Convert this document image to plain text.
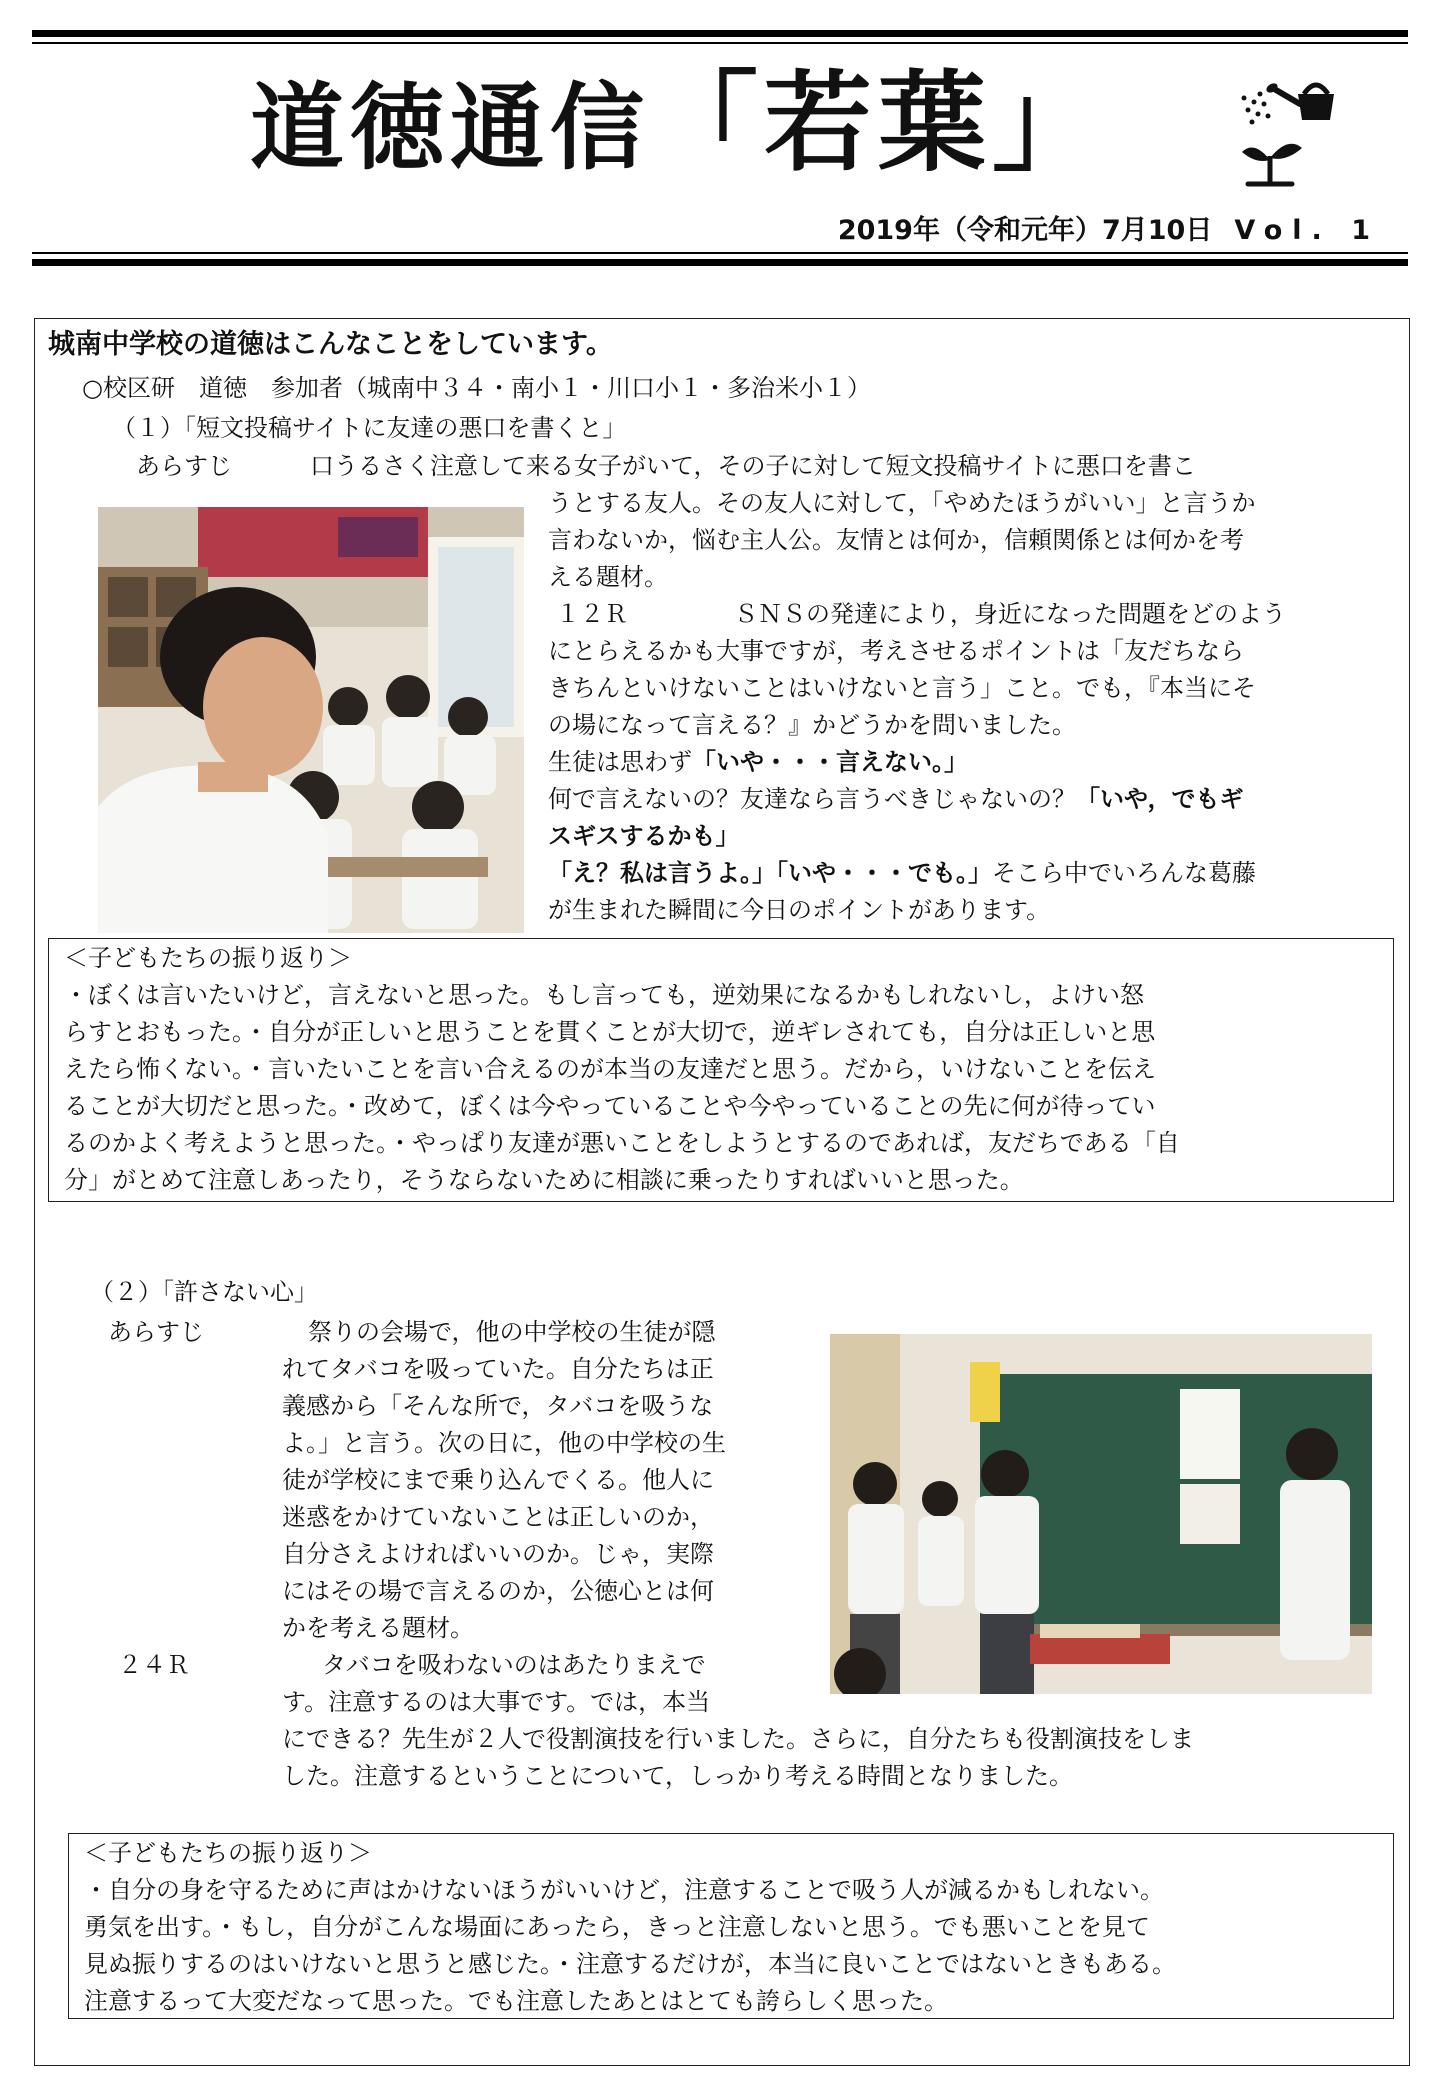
道徳通信「若葉」
2019年（令和元年）7月10日 Vol. 1
城南中学校の道徳はこんなことをしています。
○校区研　道徳　参加者（城南中３４・南小１・川口小１・多治米小１）
（１）「短文投稿サイトに友達の悪口を書くと」
あらすじ	口うるさく注意して来る女子がいて，その子に対して短文投稿サイトに悪口を書こ
うとする友人。その友人に対して，「やめたほうがいい」と言うか
言わないか，悩む主人公。友情とは何か，信頼関係とは何かを考
える題材。
１２Ｒ	ＳＮＳの発達により，身近になった問題をどのよう
にとらえるかも大事ですが，考えさせるポイントは「友だちなら
きちんといけないことはいけないと言う」こと。でも，『本当にそ
の場になって言える？』かどうかを問いました。
生徒は思わず「いや・・・言えない。」
何で言えないの？友達なら言うべきじゃないの？「いや，でもギ
スギスするかも」
「え？私は言うよ。」「いや・・・でも。」そこら中でいろんな葛藤
が生まれた瞬間に今日のポイントがあります。
＜子どもたちの振り返り＞
・ぼくは言いたいけど，言えないと思った。もし言っても，逆効果になるかもしれないし，よけい怒
らすとおもった。・自分が正しいと思うことを貫くことが大切で，逆ギレされても，自分は正しいと思
えたら怖くない。・言いたいことを言い合えるのが本当の友達だと思う。だから，いけないことを伝え
ることが大切だと思った。・改めて，ぼくは今やっていることや今やっていることの先に何が待ってい
るのかよく考えようと思った。・やっぱり友達が悪いことをしようとするのであれば，友だちである「自
分」がとめて注意しあったり，そうならないために相談に乗ったりすればいいと思った。
（２）「許さない心」
あらすじ	祭りの会場で，他の中学校の生徒が隠
れてタバコを吸っていた。自分たちは正
義感から「そんな所で，タバコを吸うな
よ。」と言う。次の日に，他の中学校の生
徒が学校にまで乗り込んでくる。他人に
迷惑をかけていないことは正しいのか，
自分さえよければいいのか。じゃ，実際
にはその場で言えるのか，公徳心とは何
かを考える題材。
２４Ｒ	タバコを吸わないのはあたりまえで
す。注意するのは大事です。では，本当
にできる？先生が２人で役割演技を行いました。さらに，自分たちも役割演技をしま
した。注意するということについて，しっかり考える時間となりました。
＜子どもたちの振り返り＞
・自分の身を守るために声はかけないほうがいいけど，注意することで吸う人が減るかもしれない。
勇気を出す。・もし，自分がこんな場面にあったら，きっと注意しないと思う。でも悪いことを見て
見ぬ振りするのはいけないと思うと感じた。・注意するだけが，本当に良いことではないときもある。
注意するって大変だなって思った。でも注意したあとはとても誇らしく思った。
